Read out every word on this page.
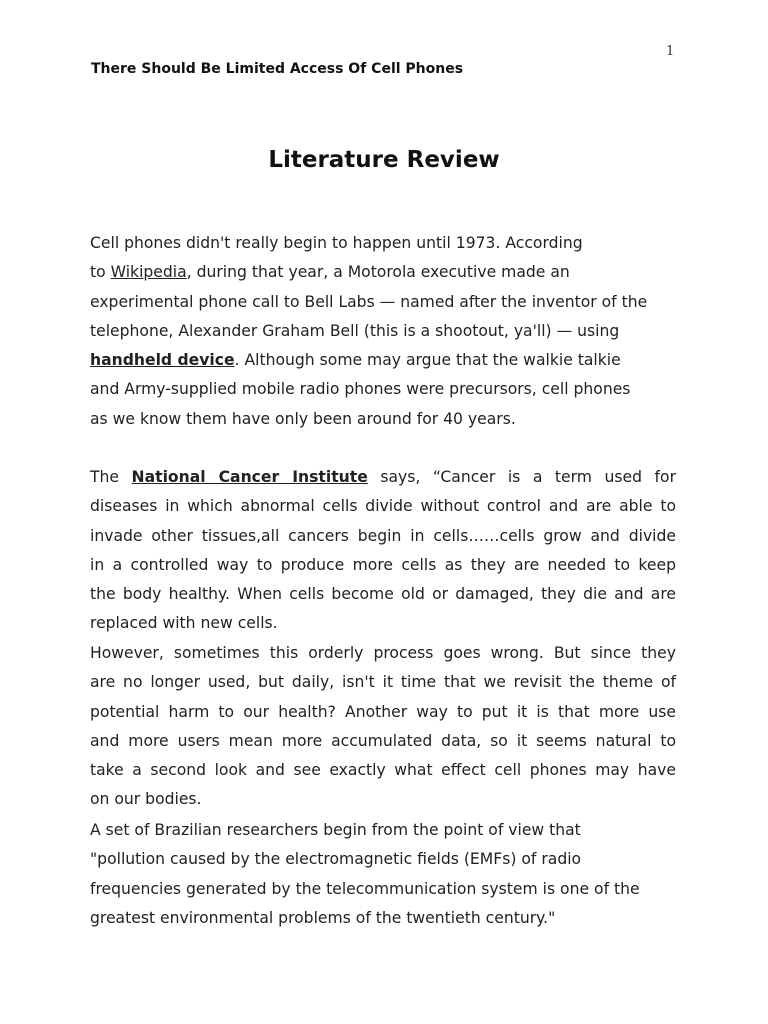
1
There Should Be Limited Access Of Cell Phones
Literature Review
Cell phones didn't really begin to happen until 1973. According
to Wikipedia, during that year, a Motorola executive made an
experimental phone call to Bell Labs — named after the inventor of the
telephone, Alexander Graham Bell (this is a shootout, ya'll) — using
handheld device. Although some may argue that the walkie talkie
and Army-supplied mobile radio phones were precursors, cell phones
as we know them have only been around for 40 years.
The National Cancer Institute says, “Cancer is a term used for
diseases in which abnormal cells divide without control and are able to
invade other tissues,all cancers begin in cells……cells grow and divide
in a controlled way to produce more cells as they are needed to keep
the body healthy. When cells become old or damaged, they die and are
replaced with new cells.
However, sometimes this orderly process goes wrong. But since they
are no longer used, but daily, isn't it time that we revisit the theme of
potential harm to our health? Another way to put it is that more use
and more users mean more accumulated data, so it seems natural to
take a second look and see exactly what effect cell phones may have
on our bodies.
A set of Brazilian researchers begin from the point of view that
"pollution caused by the electromagnetic fields (EMFs) of radio
frequencies generated by the telecommunication system is one of the
greatest environmental problems of the twentieth century."
